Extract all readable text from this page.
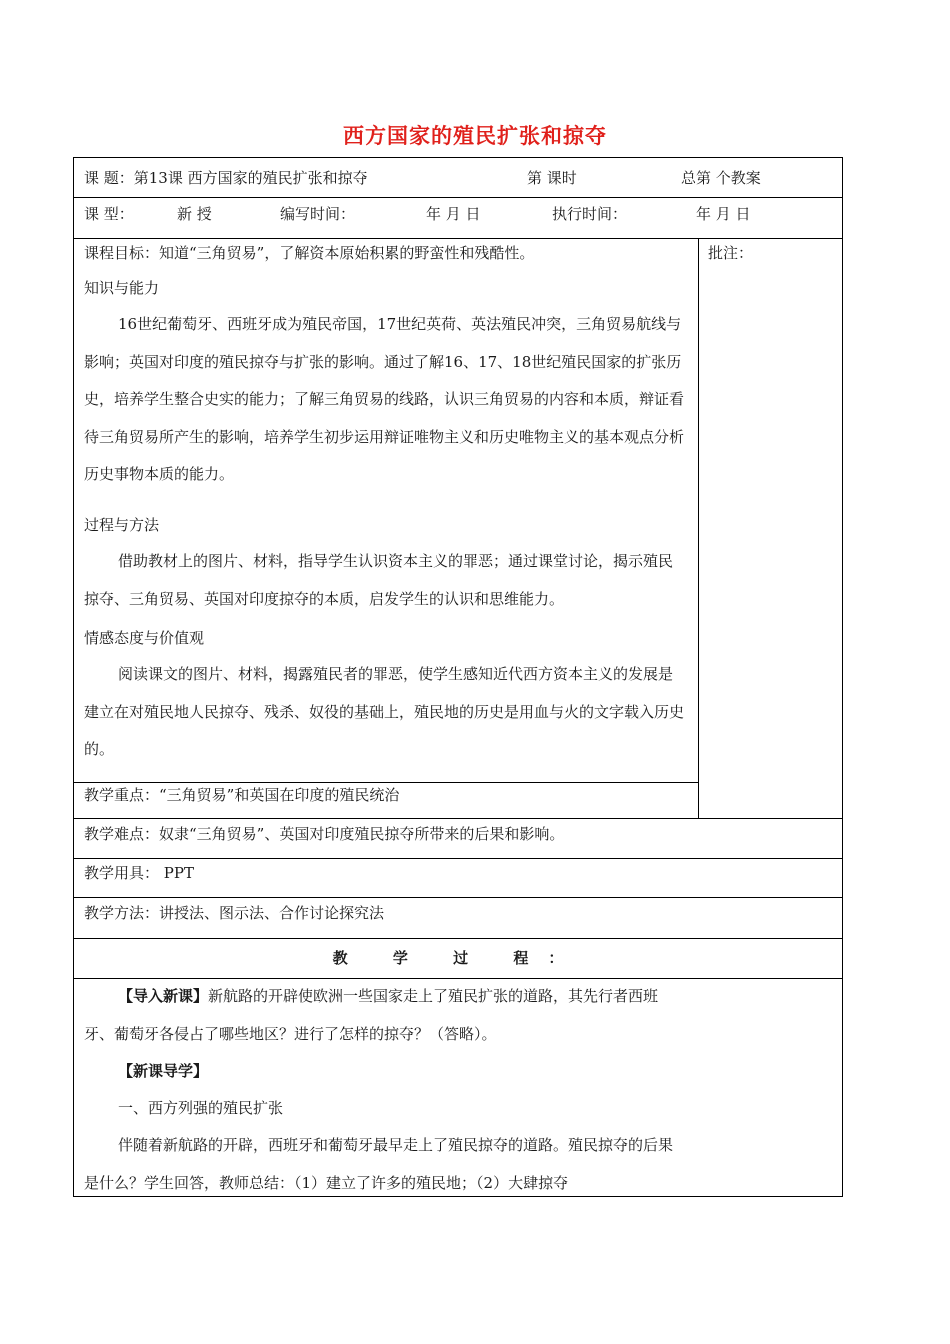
西方国家的殖民扩张和掠夺
课 题：第13课 西方国家的殖民扩张和掠夺	第 课时	总第 个教案
课 型：	新 授	编写时间：	年 月 日	执行时间：	年 月 日
课程目标：知道“三角贸易”，了解资本原始积累的野蛮性和残酷性。	批注：
知识与能力
16世纪葡萄牙、西班牙成为殖民帝国，17世纪英荷、英法殖民冲突，三角贸易航线与影响；英国对印度的殖民掠夺与扩张的影响。通过了解16、17、18世纪殖民国家的扩张历史，培养学生整合史实的能力；了解三角贸易的线路，认识三角贸易的内容和本质，辩证看待三角贸易所产生的影响，培养学生初步运用辩证唯物主义和历史唯物主义的基本观点分析历史事物本质的能力。
过程与方法
借助教材上的图片、材料，指导学生认识资本主义的罪恶；通过课堂讨论，揭示殖民掠夺、三角贸易、英国对印度掠夺的本质，启发学生的认识和思维能力。
情感态度与价值观
阅读课文的图片、材料，揭露殖民者的罪恶，使学生感知近代西方资本主义的发展是建立在对殖民地人民掠夺、残杀、奴役的基础上，殖民地的历史是用血与火的文字载入历史的。
教学重点：“三角贸易”和英国在印度的殖民统治
教学难点：奴隶“三角贸易”、英国对印度殖民掠夺所带来的后果和影响。
教学用具： PPT
教学方法：讲授法、图示法、合作讨论探究法
教 学 过 程：
【导入新课】新航路的开辟使欧洲一些国家走上了殖民扩张的道路，其先行者西班牙、葡萄牙各侵占了哪些地区？进行了怎样的掠夺？（答略）。
【新课导学】
一、西方列强的殖民扩张
伴随着新航路的开辟，西班牙和葡萄牙最早走上了殖民掠夺的道路。殖民掠夺的后果是什么？学生回答，教师总结：（1）建立了许多的殖民地；（2）大肆掠夺
